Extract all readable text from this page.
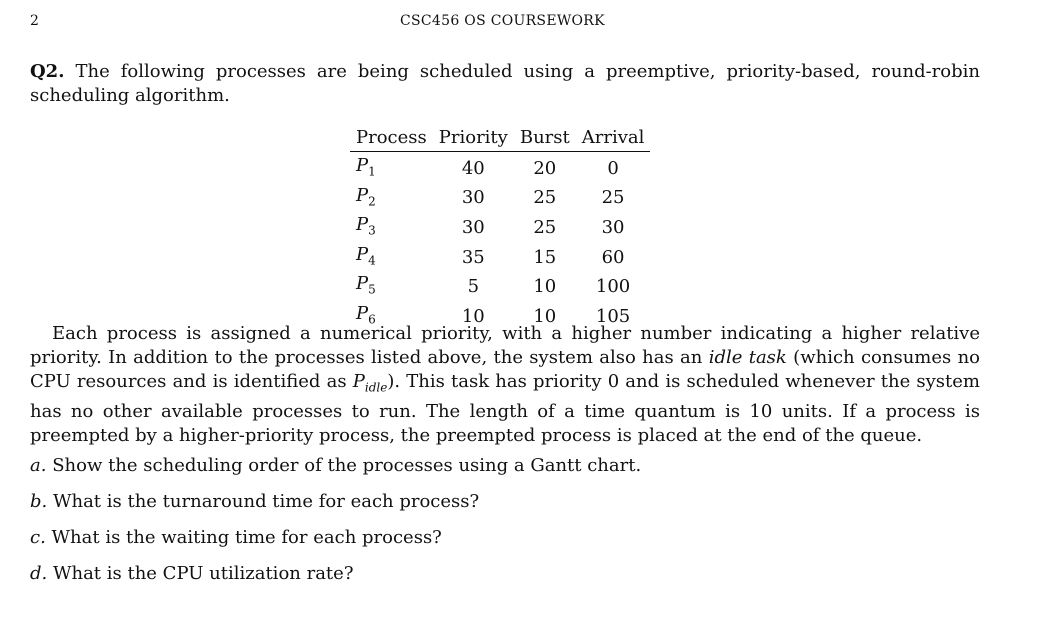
2	CSC456 OS COURSEWORK
Q2. The following processes are being scheduled using a preemptive, priority-based, round-robin scheduling algorithm.
Process	Priority	Burst	Arrival
$P_1$	40	20	0
$P_2$	30	25	25
$P_3$	30	25	30
$P_4$	35	15	60
$P_5$	5	10	100
$P_6$	10	10	105
Each process is assigned a numerical priority, with a higher number indicating a higher relative priority. In addition to the processes listed above, the system also has an idle task (which consumes no CPU resources and is identified as $P_{idle}$). This task has priority 0 and is scheduled whenever the system has no other available processes to run. The length of a time quantum is 10 units. If a process is preempted by a higher-priority process, the preempted process is placed at the end of the queue.
a. Show the scheduling order of the processes using a Gantt chart.
b. What is the turnaround time for each process?
c. What is the waiting time for each process?
d. What is the CPU utilization rate?
